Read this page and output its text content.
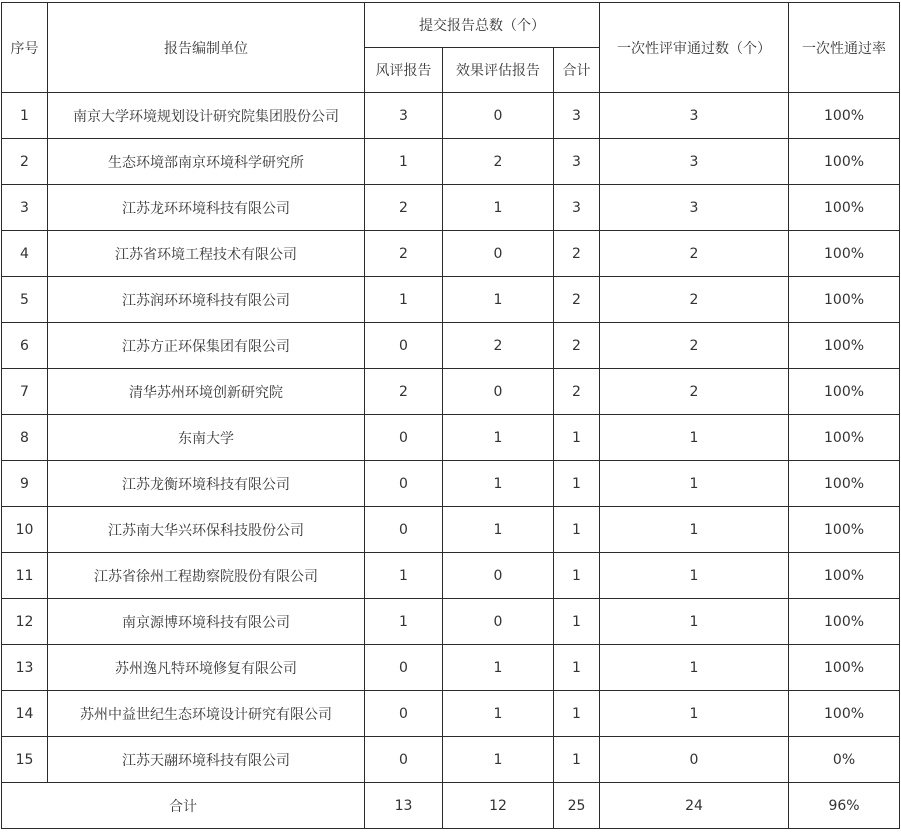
序号	报告编制单位	提交报告总数（个）			一次性评审通过数（个）	一次性通过率
		风评报告	效果评估报告	合计		
1	南京大学环境规划设计研究院集团股份公司	3	0	3	3	100%
2	生态环境部南京环境科学研究所	1	2	3	3	100%
3	江苏龙环环境科技有限公司	2	1	3	3	100%
4	江苏省环境工程技术有限公司	2	0	2	2	100%
5	江苏润环环境科技有限公司	1	1	2	2	100%
6	江苏方正环保集团有限公司	0	2	2	2	100%
7	清华苏州环境创新研究院	2	0	2	2	100%
8	东南大学	0	1	1	1	100%
9	江苏龙衡环境科技有限公司	0	1	1	1	100%
10	江苏南大华兴环保科技股份公司	0	1	1	1	100%
11	江苏省徐州工程勘察院股份有限公司	1	0	1	1	100%
12	南京源博环境科技有限公司	1	0	1	1	100%
13	苏州逸凡特环境修复有限公司	0	1	1	1	100%
14	苏州中益世纪生态环境设计研究有限公司	0	1	1	1	100%
15	江苏天翮环境科技有限公司	0	1	1	0	0%
合计		13	12	25	24	96%
